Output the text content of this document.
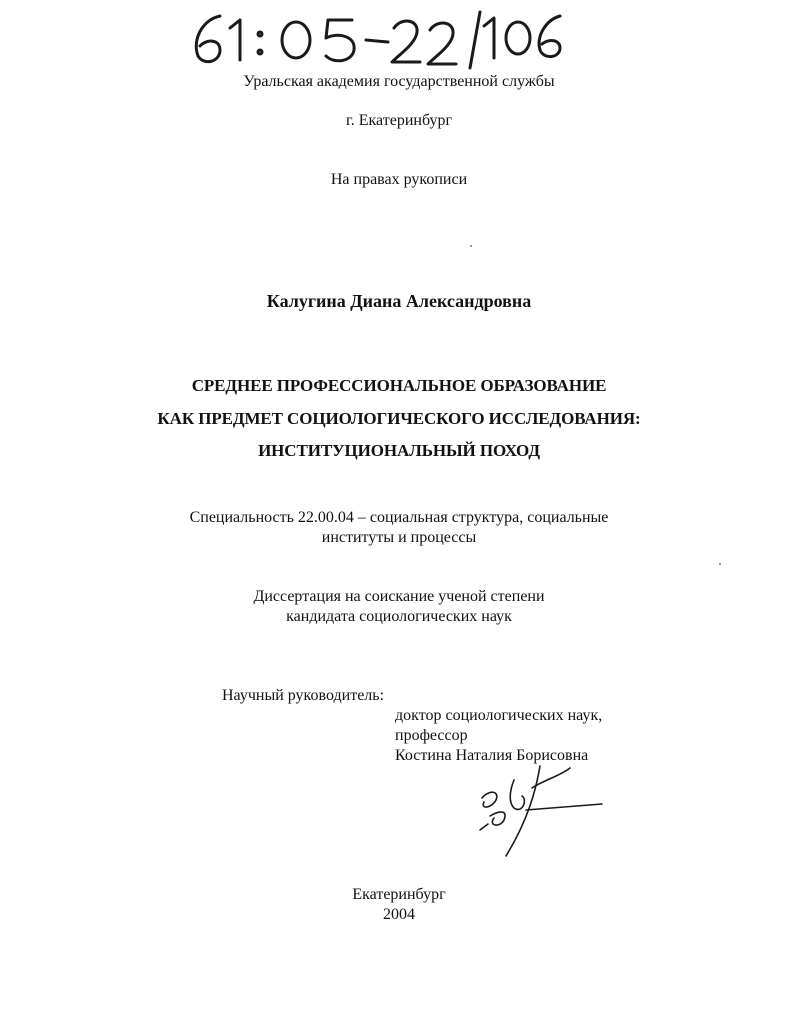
Уральская академия государственной службы
г. Екатеринбург
На правах рукописи
Калугина Диана Александровна
СРЕДНЕЕ ПРОФЕССИОНАЛЬНОЕ ОБРАЗОВАНИЕ
КАК ПРЕДМЕТ СОЦИОЛОГИЧЕСКОГО ИССЛЕДОВАНИЯ:
ИНСТИТУЦИОНАЛЬНЫЙ ПОХОД
Специальность 22.00.04 – социальная структура, социальные
институты и процессы
Диссертация на соискание ученой степени
кандидата социологических наук
Научный руководитель:
доктор социологических наук,
профессор
Костина Наталия Борисовна
Екатеринбург
2004
